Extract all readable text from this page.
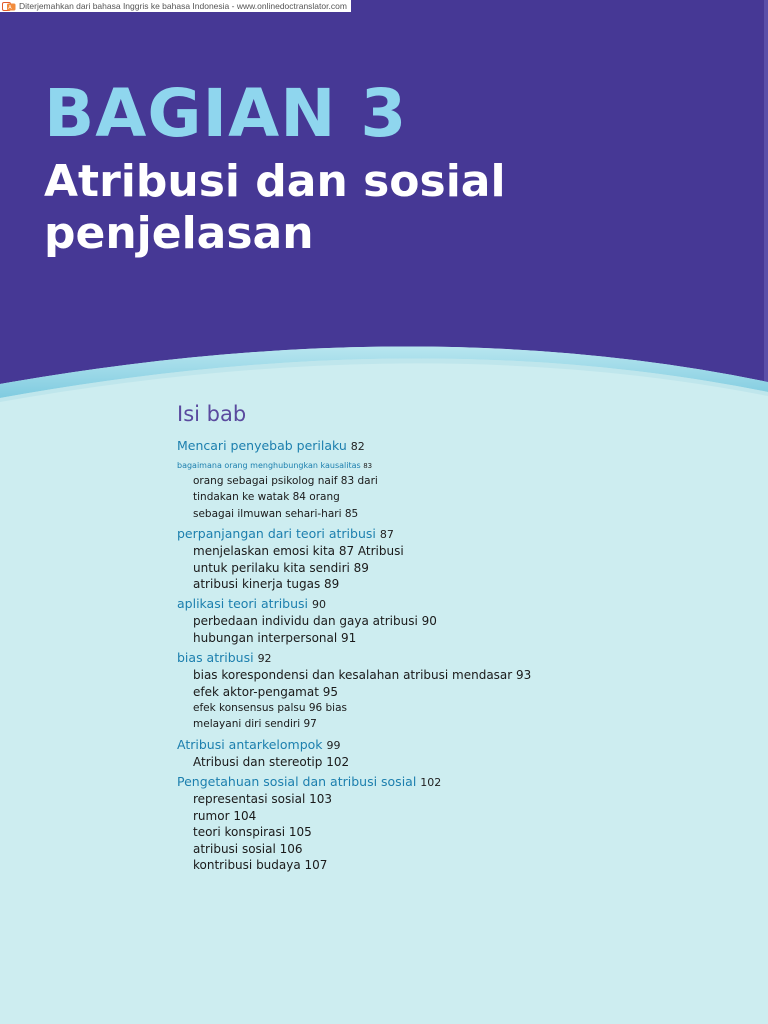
A Diterjemahkan dari bahasa Inggris ke bahasa Indonesia - www.onlinedoctranslator.com
BAGIAN 3
Atribusi dan sosial
penjelasan
Isi bab
Mencari penyebab perilaku 82
bagaimana orang menghubungkan kausalitas 83
orang sebagai psikolog naif 83 dari
tindakan ke watak 84 orang
sebagai ilmuwan sehari-hari 85
perpanjangan dari teori atribusi 87
menjelaskan emosi kita 87 Atribusi
untuk perilaku kita sendiri 89
atribusi kinerja tugas 89
aplikasi teori atribusi 90
perbedaan individu dan gaya atribusi 90
hubungan interpersonal 91
bias atribusi 92
bias korespondensi dan kesalahan atribusi mendasar 93
efek aktor-pengamat 95
efek konsensus palsu 96 bias
melayani diri sendiri 97
Atribusi antarkelompok 99
Atribusi dan stereotip 102
Pengetahuan sosial dan atribusi sosial 102
representasi sosial 103
rumor 104
teori konspirasi 105
atribusi sosial 106
kontribusi budaya 107
